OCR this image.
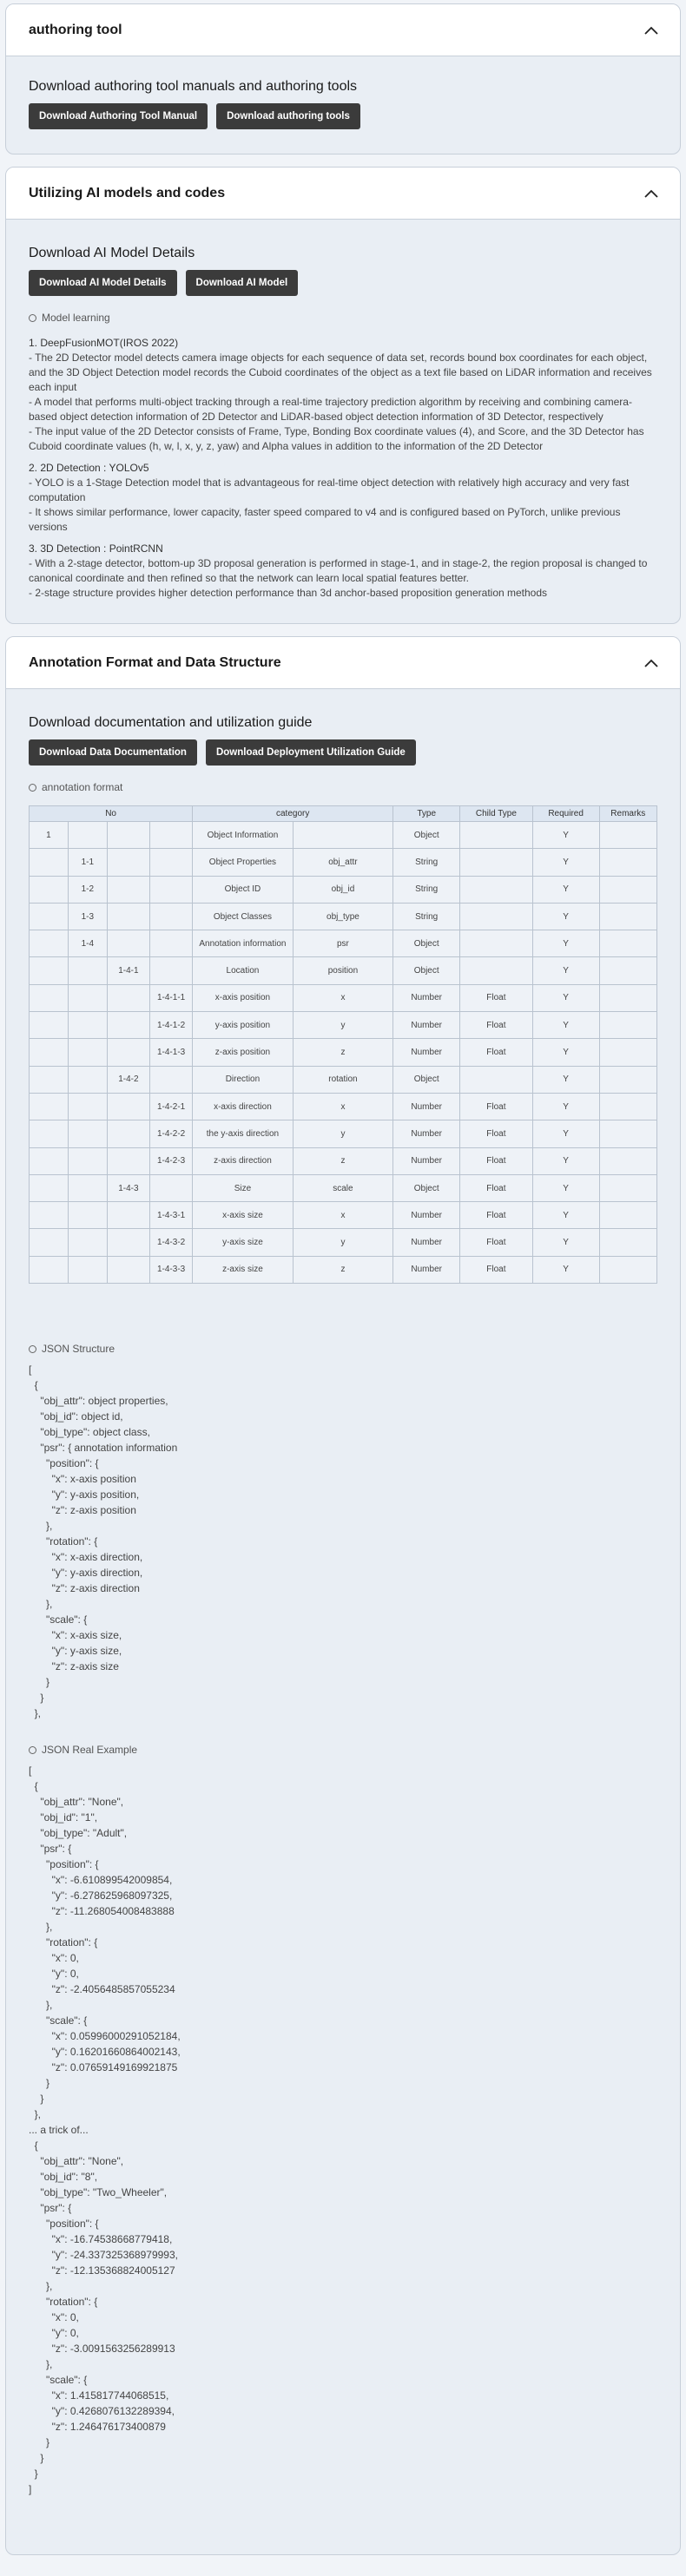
authoring tool
Download authoring tool manuals and authoring tools
Download Authoring Tool Manual	Download authoring tools
Utilizing AI models and codes
Download AI Model Details
Download AI Model Details	Download AI Model
Model learning

1. DeepFusionMOT(IROS 2022)

- The 2D Detector model detects camera image objects for each sequence of data set, records bound box coordinates for each object, and the 3D Object Detection model records the Cuboid coordinates of the object as a text file based on LiDAR information and receives each input

- A model that performs multi-object tracking through a real-time trajectory prediction algorithm by receiving and combining camera-based object detection information of 2D Detector and LiDAR-based object detection information of 3D Detector, respectively

- The input value of the 2D Detector consists of Frame, Type, Bonding Box coordinate values (4), and Score, and the 3D Detector has Cuboid coordinate values (h, w, l, x, y, z, yaw) and Alpha values in addition to the information of the 2D Detector

2. 2D Detection : YOLOv5

- YOLO is a 1-Stage Detection model that is advantageous for real-time object detection with relatively high accuracy and very fast computation

- It shows similar performance, lower capacity, faster speed compared to v4 and is configured based on PyTorch, unlike previous versions

3. 3D Detection : PointRCNN

- With a 2-stage detector, bottom-up 3D proposal generation is performed in stage-1, and in stage-2, the region proposal is changed to canonical coordinate and then refined so that the network can learn local spatial features better.

- 2-stage structure provides higher detection performance than 3d anchor-based proposition generation methods

Annotation Format and Data Structure
Download documentation and utilization guide
Download Data Documentation	Download Deployment Utilization Guide
annotation format
No				category		Type	Child Type	Required	Remarks
1				Object Information		Object		Y	
	1-1			Object Properties	obj_attr	String		Y	
	1-2			Object ID	obj_id	String		Y	
	1-3			Object Classes	obj_type	String		Y	
	1-4			Annotation information	psr	Object		Y	
		1-4-1		Location	position	Object		Y	
			1-4-1-1	x-axis position	x	Number	Float	Y	
			1-4-1-2	y-axis position	y	Number	Float	Y	
			1-4-1-3	z-axis position	z	Number	Float	Y	
		1-4-2		Direction	rotation	Object		Y	
			1-4-2-1	x-axis direction	x	Number	Float	Y	
			1-4-2-2	the y-axis direction	y	Number	Float	Y	
			1-4-2-3	z-axis direction	z	Number	Float	Y	
		1-4-3		Size	scale	Object	Float	Y	
			1-4-3-1	x-axis size	x	Number	Float	Y	
			1-4-3-2	y-axis size	y	Number	Float	Y	
			1-4-3-3	z-axis size	z	Number	Float	Y	
JSON Structure
[
{
"obj_attr": object properties,
"obj_id": object id,
"obj_type": object class,
"psr": { annotation information
"position": {
"x": x-axis position
"y": y-axis position,
"z": z-axis position
},
"rotation": {
"x": x-axis direction,
"y": y-axis direction,
"z": z-axis direction
},
"scale": {
"x": x-axis size,
"y": y-axis size,
"z": z-axis size
}
}
},
JSON Real Example
[
{
"obj_attr": "None",
"obj_id": "1",
"obj_type": "Adult",
"psr": {
"position": {
"x": -6.610899542009854,
"y": -6.278625968097325,
"z": -11.268054008483888
},
"rotation": {
"x": 0,
"y": 0,
"z": -2.4056485857055234
},
"scale": {
"x": 0.05996000291052184,
"y": 0.16201660864002143,
"z": 0.07659149169921875
}
}
},
... a trick of...
{
"obj_attr": "None",
"obj_id": "8",
"obj_type": "Two_Wheeler",
"psr": {
"position": {
"x": -16.74538668779418,
"y": -24.337325368979993,
"z": -12.135368824005127
},
"rotation": {
"x": 0,
"y": 0,
"z": -3.0091563256289913
},
"scale": {
"x": 1.415817744068515,
"y": 0.4268076132289394,
"z": 1.246476173400879
}
}
}
]
